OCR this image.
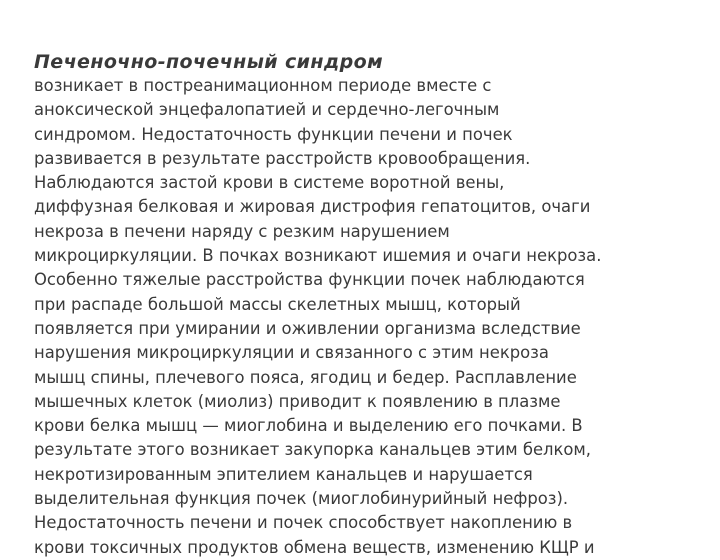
Печеночно-почечный синдром

возникает в постреанимационном периоде вместе с

аноксической энцефалопатией и сердечно-легочным

синдромом. Недостаточность функции печени и почек

развивается в результате расстройств кровообращения.

Наблюдаются застой крови в системе воротной вены,

диффузная белковая и жировая дистрофия гепатоцитов, очаги

некроза в печени наряду с резким нарушением

микроциркуляции. В почках возникают ишемия и очаги некроза.

Особенно тяжелые расстройства функции почек наблюдаются

при распаде большой массы скелетных мышц, который

появляется при умирании и оживлении организма вследствие

нарушения микроциркуляции и связанного с этим некроза

мышц спины, плечевого пояса, ягодиц и бедер. Расплавление

мышечных клеток (миолиз) приводит к появлению в плазме

крови белка мышц — миоглобина и выделению его почками. В

результате этого возникает закупорка канальцев этим белком,

некротизированным эпителием канальцев и нарушается

выделительная функция почек (миоглобинурийный нефроз).

Недостаточность печени и почек способствует накоплению в

крови токсичных продуктов обмена веществ, изменению КЩР и
